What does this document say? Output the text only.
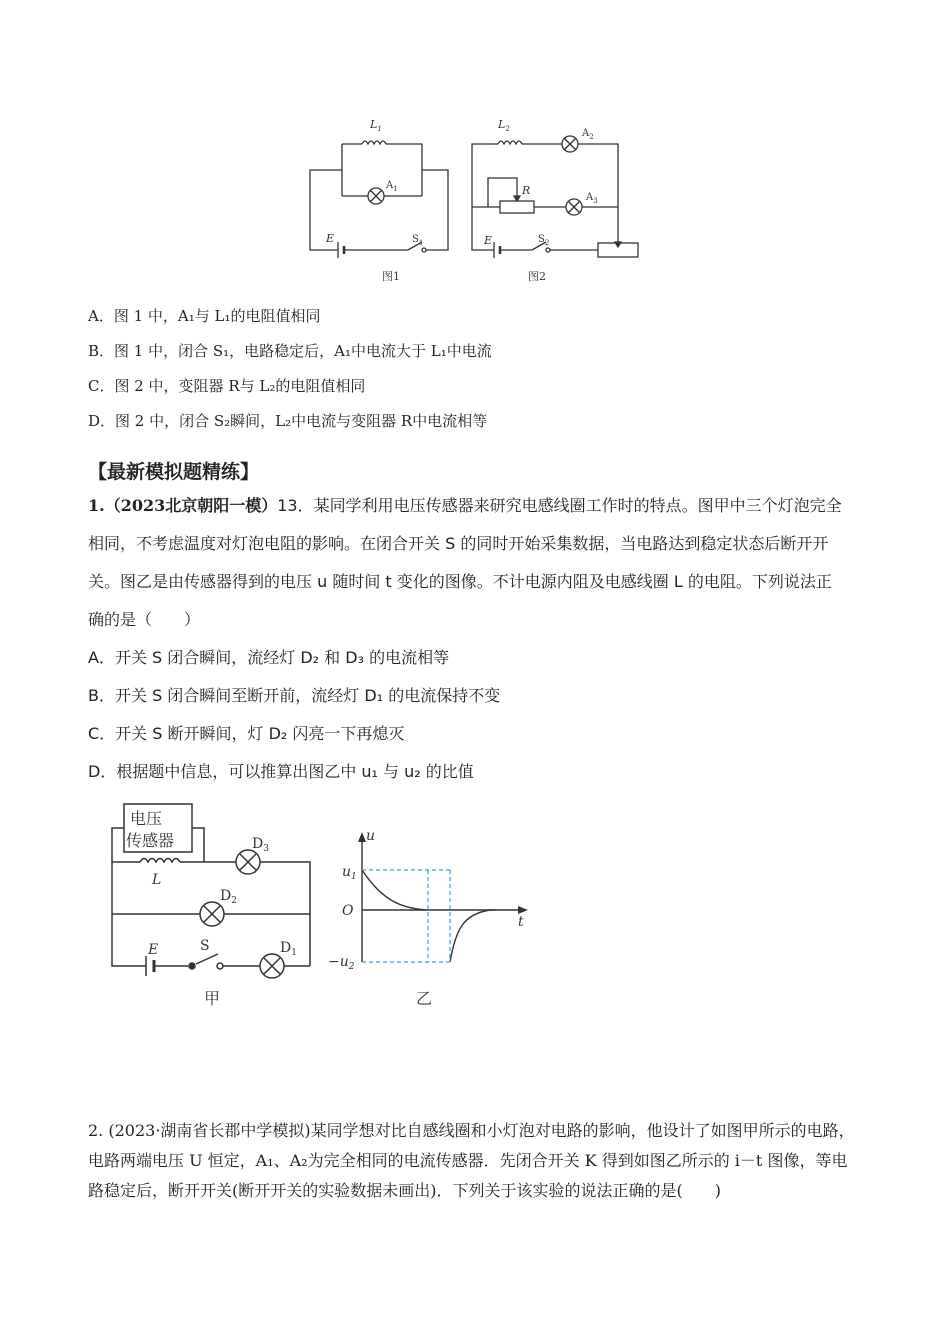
$L_1$
E
$L_2$
R
E
$A_1$
$S_1$
$A_2$
$A_3$
$S_2$
图1	图2
A．图 1 中，A₁与 L₁的电阻值相同
B．图 1 中，闭合 S₁，电路稳定后，A₁中电流大于 L₁中电流
C．图 2 中，变阻器 R与 L₂的电阻值相同
D．图 2 中，闭合 S₂瞬间，L₂中电流与变阻器 R中电流相等
【最新模拟题精练】
1.（2023北京朝阳一模）13．某同学利用电压传感器来研究电感线圈工作时的特点。图甲中三个灯泡完全
相同，不考虑温度对灯泡电阻的影响。在闭合开关 S 的同时开始采集数据，当电路达到稳定状态后断开开
关。图乙是由传感器得到的电压 u 随时间 t 变化的图像。不计电源内阻及电感线圈 L 的电阻。下列说法正
确的是（　　）
A．开关 S 闭合瞬间，流经灯 D₂ 和 D₃ 的电流相等
B．开关 S 闭合瞬间至断开前，流经灯 D₁ 的电流保持不变
C．开关 S 断开瞬间，灯 D₂ 闪亮一下再熄灭
D．根据题中信息，可以推算出图乙中 u₁ 与 u₂ 的比值
电压
传感器
L
E
u
$u_1$
O
t
$-u_2$
S
$D_3$
$D_2$
$D_1$
甲	乙
2. (2023·湖南省长郡中学模拟)某同学想对比自感线圈和小灯泡对电路的影响，他设计了如图甲所示的电路，
电路两端电压 U 恒定，A₁、A₂为完全相同的电流传感器．先闭合开关 K 得到如图乙所示的 i－t 图像，等电
路稳定后，断开开关(断开开关的实验数据未画出)．下列关于该实验的说法正确的是(　　)
